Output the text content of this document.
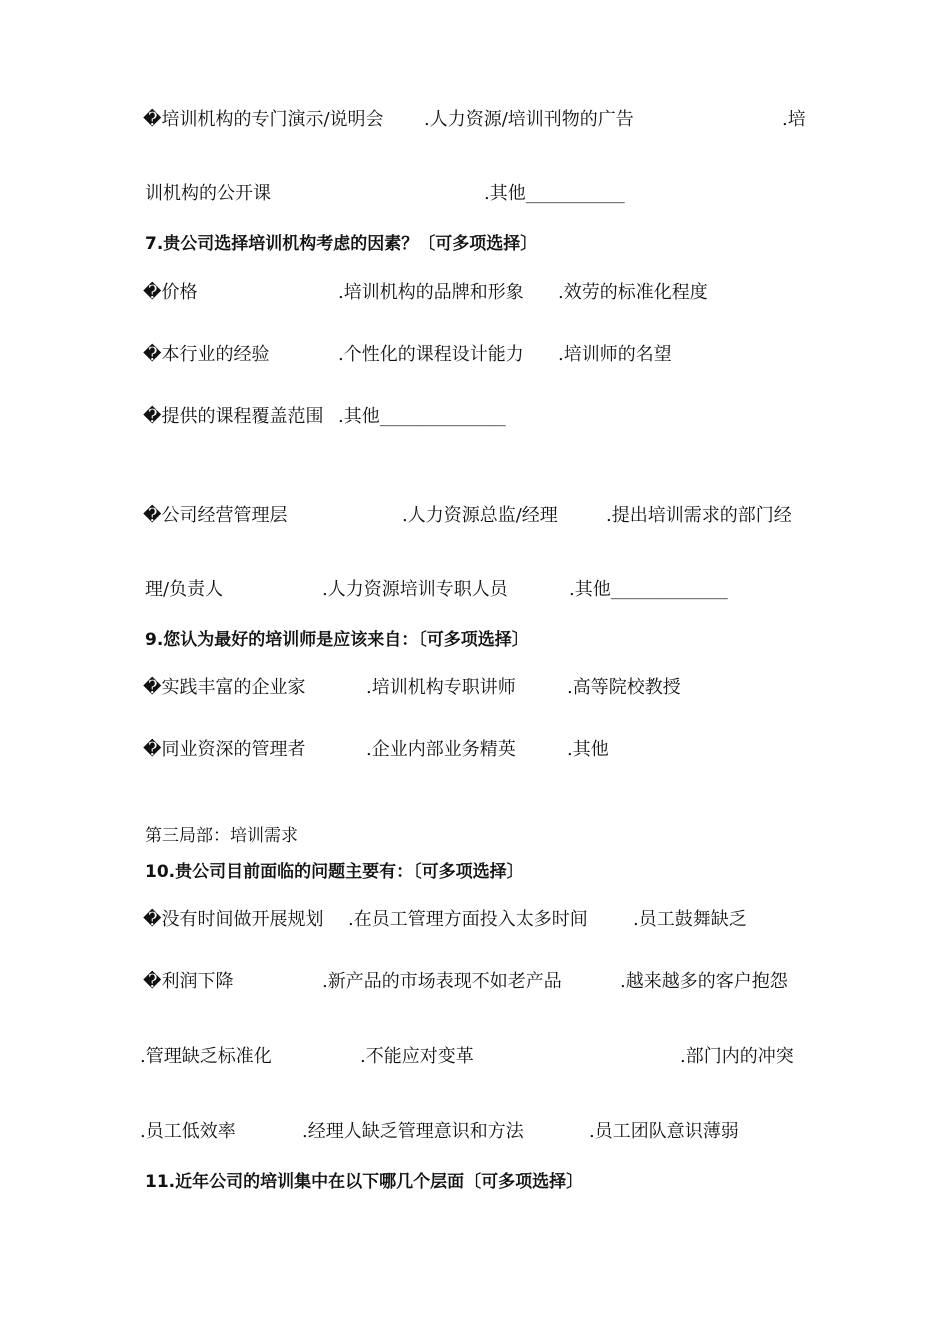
�培训机构的专门演示/说明会 .人力资源/培训刊物的广告	.培
训机构的公开课	.其他___________
7.贵公司选择培训机构考虑的因素？〔可多项选择〕
�价格	.培训机构的品牌和形象 .效劳的标准化程度
�本行业的经验	.个性化的课程设计能力 .培训师的名望
�提供的课程覆盖范围 .其他______________
�公司经营管理层	.人力资源总监/经理	.提出培训需求的部门经
理/负责人	.人力资源培训专职人员	.其他_____________
9.您认为最好的培训师是应该来自：〔可多项选择〕
�实践丰富的企业家	.培训机构专职讲师	.高等院校教授
�同业资深的管理者	.企业内部业务精英	.其他
第三局部：培训需求
10.贵公司目前面临的问题主要有：〔可多项选择〕
�没有时间做开展规划 .在员工管理方面投入太多时间	.员工鼓舞缺乏
�利润下降	.新产品的市场表现不如老产品	.越来越多的客户抱怨
.管理缺乏标准化	.不能应对变革	.部门内的冲突
.员工低效率	.经理人缺乏管理意识和方法	.员工团队意识薄弱
11.近年公司的培训集中在以下哪几个层面〔可多项选择〕
